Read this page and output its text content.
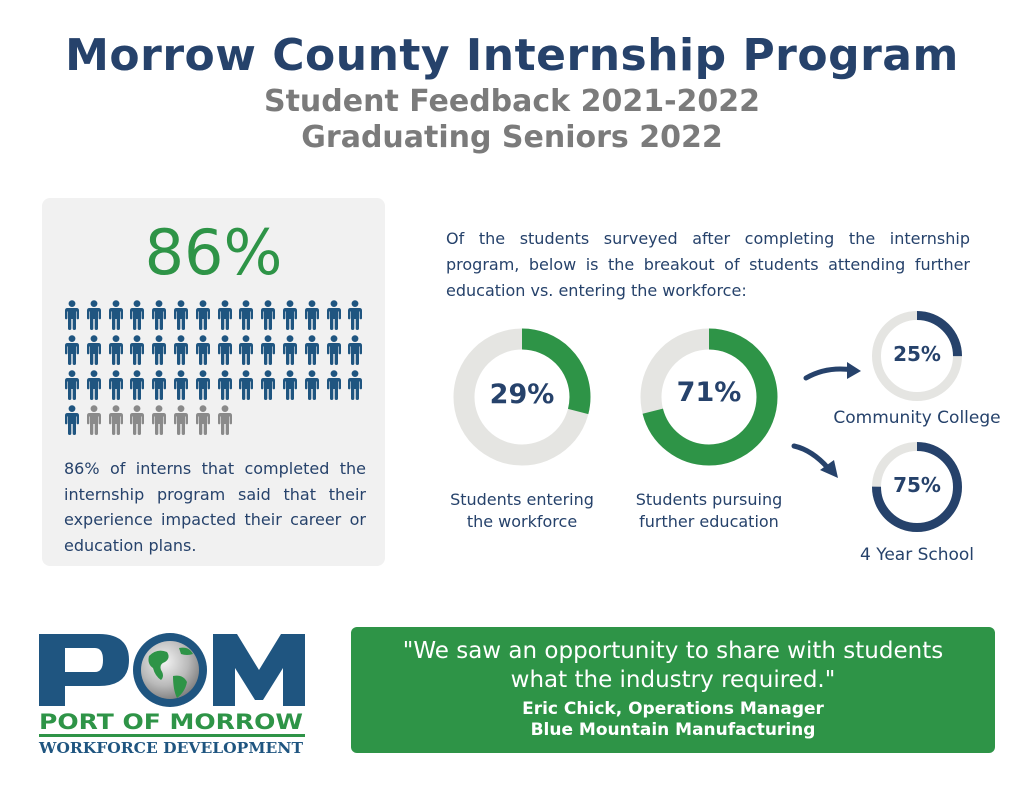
Morrow County Internship Program
Student Feedback 2021-2022
Graduating Seniors 2022
86%
86% of interns that completed the internship program said that their experience impacted their career or education plans.
Of the students surveyed after completing the internship program, below is the breakout of students attending further education vs. entering the workforce:
29%
Students entering
the workforce
71%
Students pursuing
further education
25%
Community College
75%
4 Year School
PORT OF MORROW
WORKFORCE DEVELOPMENT
"We saw an opportunity to share with students
what the industry required."
Eric Chick, Operations Manager
Blue Mountain Manufacturing
